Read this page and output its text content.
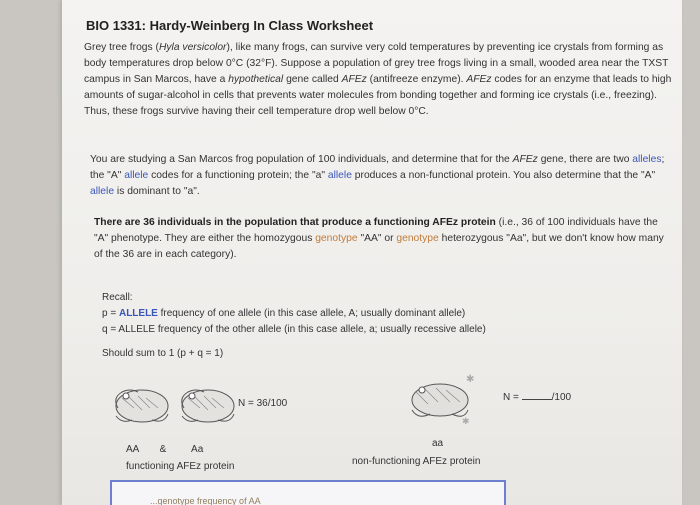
BIO 1331: Hardy-Weinberg In Class Worksheet
Grey tree frogs (Hyla versicolor), like many frogs, can survive very cold temperatures by preventing ice crystals from forming as body temperatures drop below 0°C (32°F). Suppose a population of grey tree frogs living in a small, wooded area near the TXST campus in San Marcos, have a hypothetical gene called AFEz (antifreeze enzyme). AFEz codes for an enzyme that leads to high amounts of sugar-alcohol in cells that prevents water molecules from bonding together and forming ice crystals (i.e., freezing). Thus, these frogs survive having their cell temperature drop well below 0°C.
You are studying a San Marcos frog population of 100 individuals, and determine that for the AFEz gene, there are two alleles; the "A" allele codes for a functioning protein; the "a" allele produces a non-functional protein. You also determine that the "A" allele is dominant to "a".
There are 36 individuals in the population that produce a functioning AFEz protein (i.e., 36 of 100 individuals have the "A" phenotype. They are either the homozygous genotype "AA" or genotype heterozygous "Aa", but we don't know how many of the 36 are in each category).
Recall:
p = ALLELE frequency of one allele (in this case allele, A; usually dominant allele)
q = ALLELE frequency of the other allele (in this case allele, a; usually recessive allele)
Should sum to 1 (p + q = 1)
N = 36/100
AA & Aa
functioning AFEz protein
✱
✱
N =	/100
aa
non-functioning AFEz protein
...genotype frequency of AA
